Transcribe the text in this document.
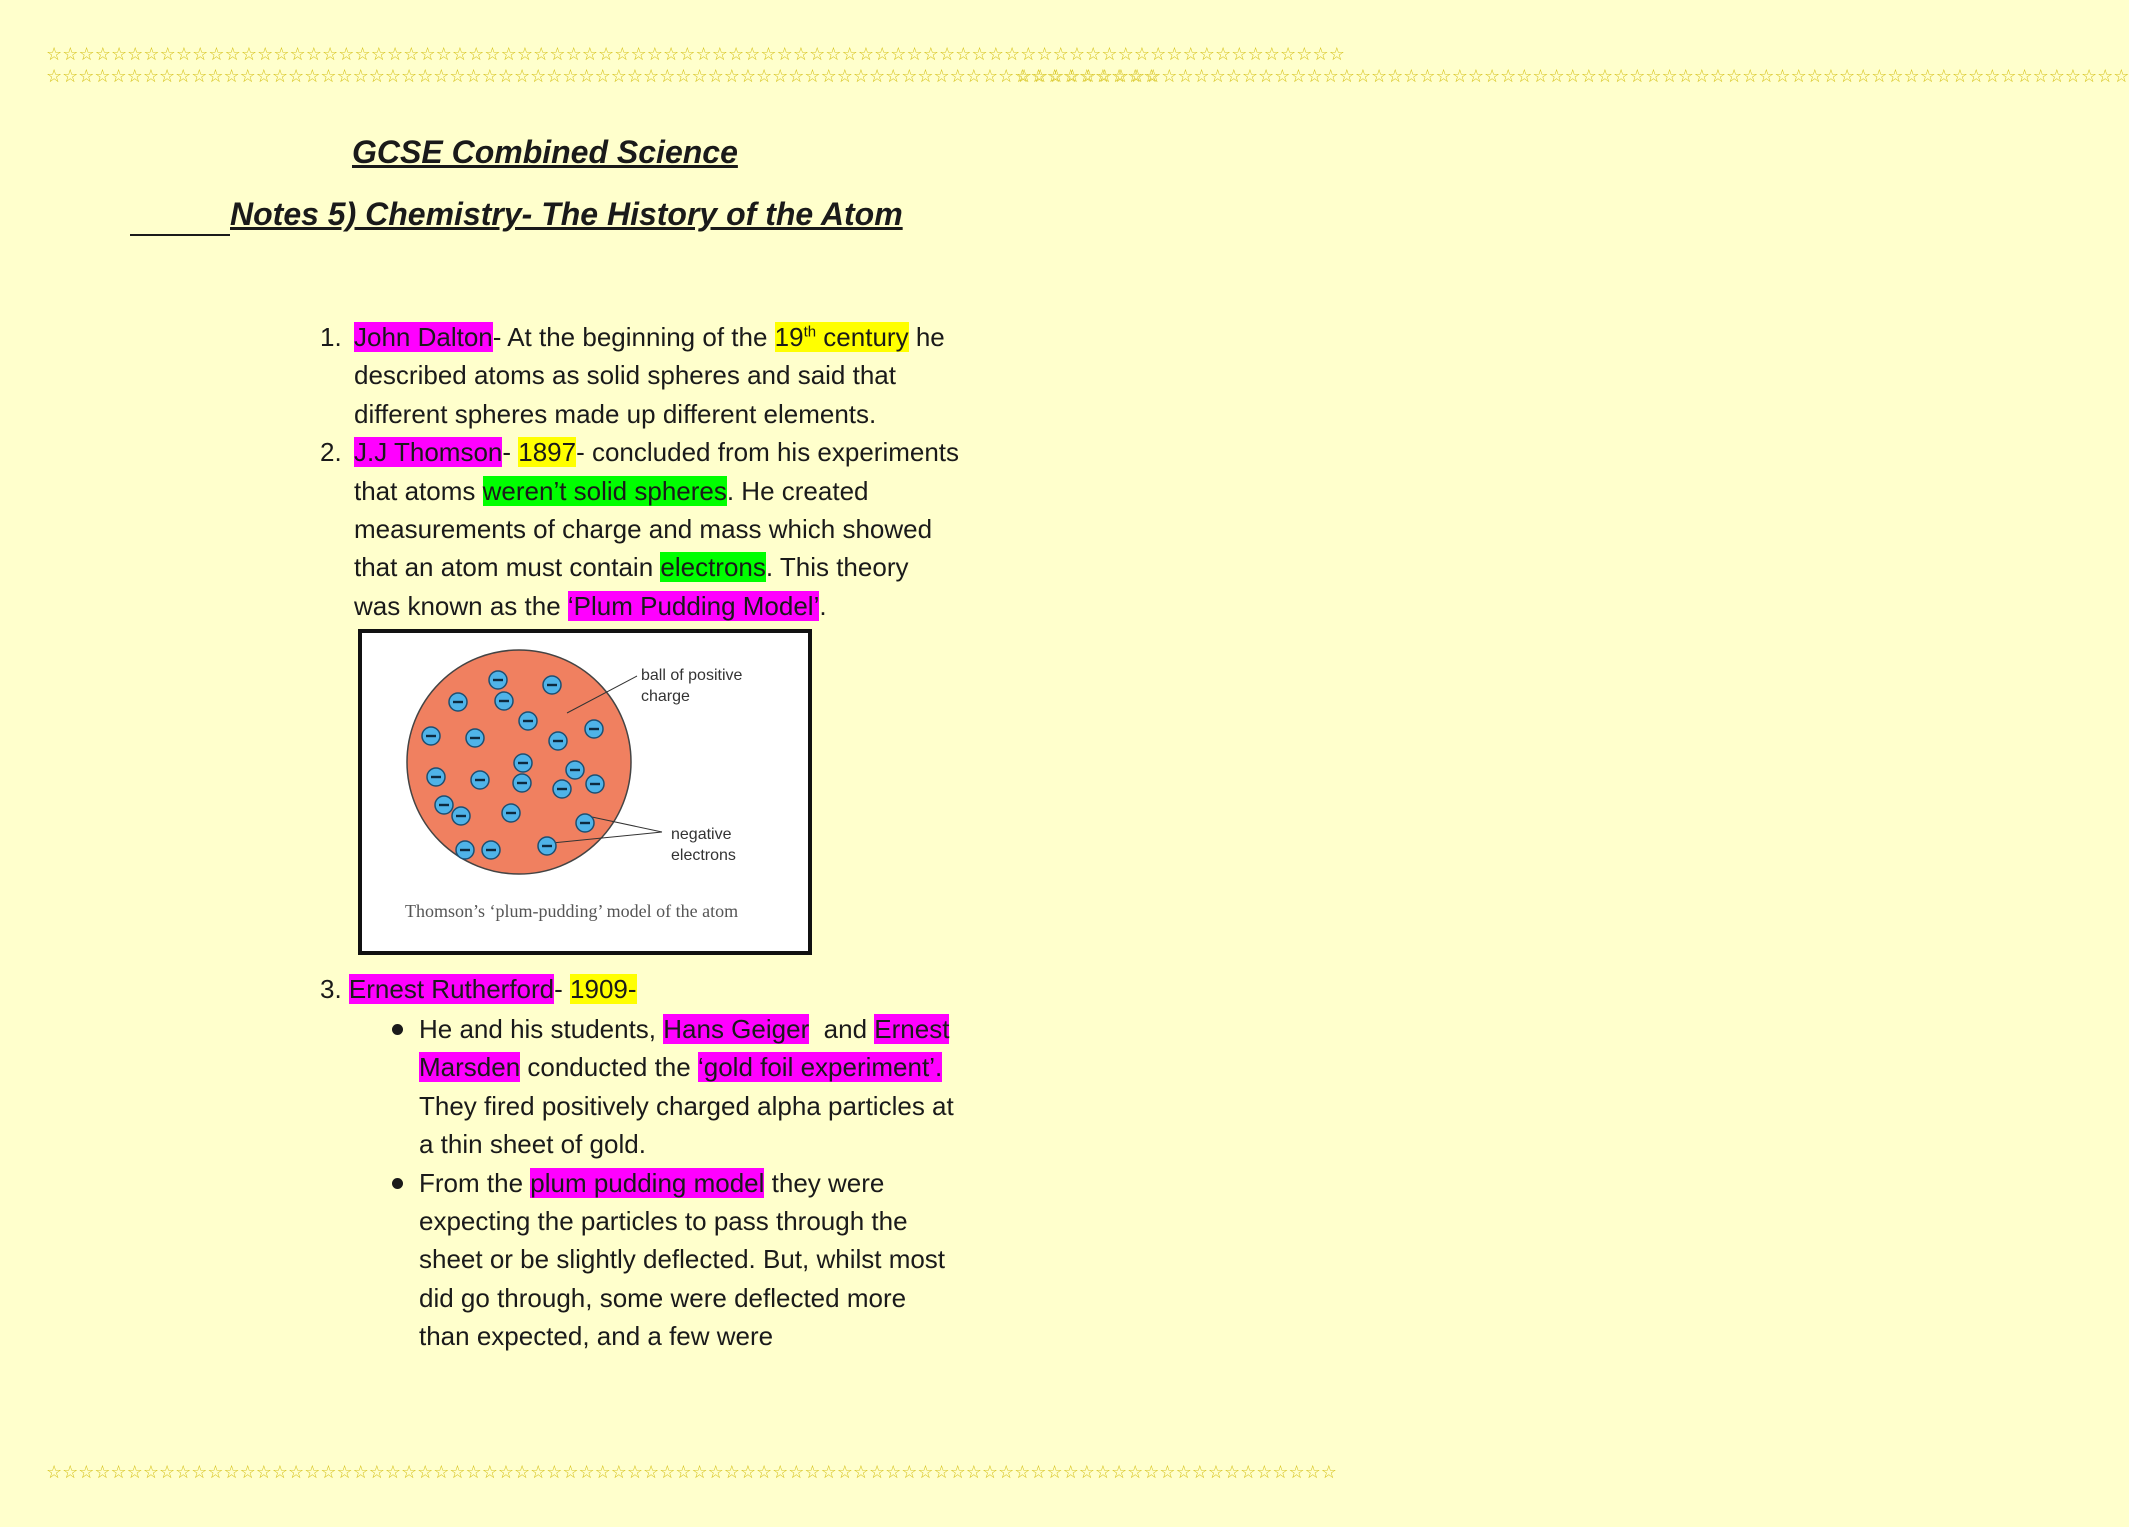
☆☆☆☆☆☆☆☆☆☆☆☆☆☆☆☆☆☆☆☆☆☆☆☆☆☆☆☆☆☆☆☆☆☆☆☆☆☆☆☆☆☆☆☆☆☆☆☆☆☆☆☆☆☆☆☆☆☆☆☆☆☆☆☆☆☆☆☆☆☆☆☆☆☆☆☆☆☆☆☆
☆☆☆☆☆☆☆☆☆☆☆☆☆☆☆☆☆☆☆☆☆☆☆☆☆☆☆☆☆☆☆☆☆☆☆☆☆☆☆☆☆☆☆☆☆☆☆☆☆☆☆☆☆☆☆☆☆☆☆☆☆☆☆☆☆☆☆☆☆☆☆☆☆☆☆☆☆☆☆☆
☆☆☆☆☆☆☆☆☆☆☆☆☆☆☆☆☆☆☆☆☆☆☆☆☆☆☆☆☆☆☆☆☆☆☆☆☆☆☆☆☆☆☆☆☆☆☆☆☆☆☆☆☆☆☆☆☆☆☆☆☆☆☆☆☆☆☆☆☆
☆☆☆☆☆☆☆☆☆☆☆☆☆☆☆☆☆☆☆☆☆☆☆☆☆☆☆☆☆☆☆☆☆☆☆☆☆☆☆☆☆☆☆☆☆☆☆☆☆☆☆☆☆☆☆☆☆☆☆☆☆☆☆☆☆☆☆☆☆
GCSE Combined Science
Notes 5) Chemistry- The History of the Atom
1. John Dalton- At the beginning of the 19th century he described atoms as solid spheres and said that different spheres made up different elements.
2. J.J Thomson- 1897- concluded from his experiments that atoms weren’t solid spheres. He created measurements of charge and mass which showed that an atom must contain electrons. This theory was known as the ‘Plum Pudding Model’.
ball of positive
charge
negative
electrons
Thomson’s ‘plum-pudding’ model of the atom
3. Ernest Rutherford- 1909-
He and his students, Hans Geiger  and Ernest Marsden conducted the ‘gold foil experiment’. They fired positively charged alpha particles at a thin sheet of gold.
From the plum pudding model they were expecting the particles to pass through the sheet or be slightly deflected. But, whilst most did go through, some were deflected more than expected, and a few were
